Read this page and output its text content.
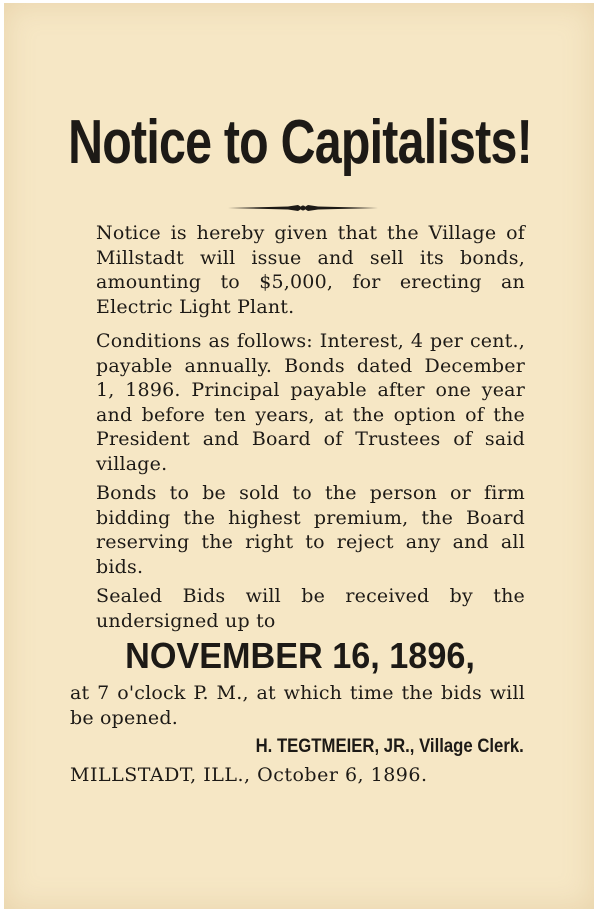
Notice to Capitalists!
Notice is hereby given that the Village of Millstadt will issue and sell its bonds, amounting to $5,000, for erecting an Electric Light Plant.
Conditions as follows: Interest, 4 per cent., payable annually. Bonds dated December 1, 1896. Principal payable after one year and before ten years, at the option of the President and Board of Trustees of said village.
Bonds to be sold to the person or firm bidding the highest premium, the Board reserving the right to reject any and all bids.
Sealed Bids will be received by the undersigned up to
NOVEMBER 16, 1896,
at 7 o'clock P. M., at which time the bids will be opened.
H. TEGTMEIER, JR., Village Clerk.
MILLSTADT, ILL., October 6, 1896.
